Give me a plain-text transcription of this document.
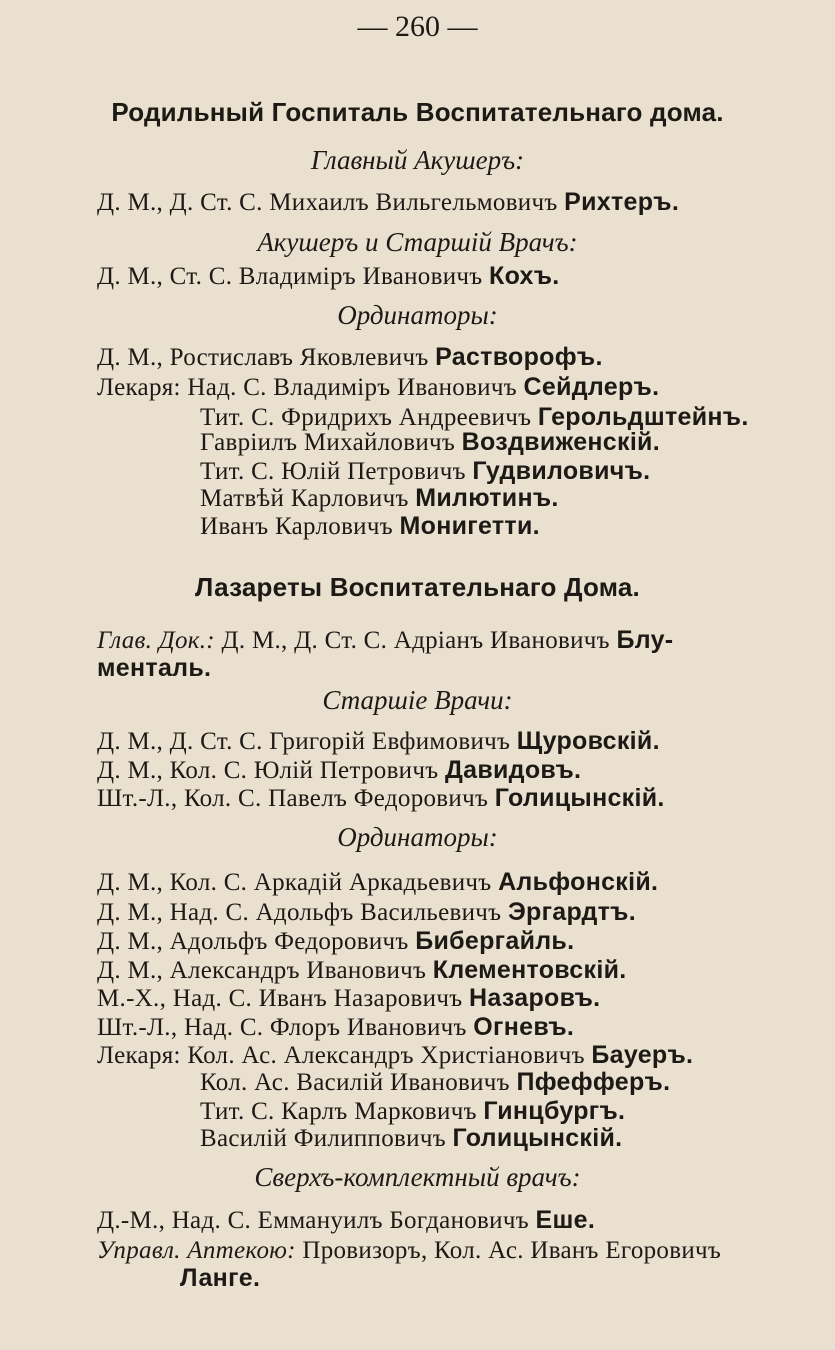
— 260 —
Родильный Госпиталь Воспитательнаго дома.
Главный Акушеръ:
Д. М., Д. Ст. С. Михаилъ Вильгельмовичъ Рихтеръ.
Акушеръ и Старшій Врачъ:
Д. М., Ст. С. Владиміръ Ивановичъ Кохъ.
Ординаторы:
Д. М., Ростиславъ Яковлевичъ Растворофъ.
Лекаря: Над. С. Владиміръ Ивановичъ Сейдлеръ.
Тит. С. Фридрихъ Андреевичъ Герольдштейнъ.
Гавріилъ Михайловичъ Воздвиженскій.
Тит. С. Юлій Петровичъ Гудвиловичъ.
Матвѣй Карловичъ Милютинъ.
Иванъ Карловичъ Монигетти.
Лазареты Воспитательнаго Дома.
Глав. Док.: Д. М., Д. Ст. С. Адріанъ Ивановичъ Блу-
менталь.
Старшіе Врачи:
Д. М., Д. Ст. С. Григорій Евфимовичъ Щуровскій.
Д. М., Кол. С. Юлій Петровичъ Давидовъ.
Шт.-Л., Кол. С. Павелъ Федоровичъ Голицынскій.
Ординаторы:
Д. М., Кол. С. Аркадій Аркадьевичъ Альфонскій.
Д. М., Над. С. Адольфъ Васильевичъ Эргардтъ.
Д. М., Адольфъ Федоровичъ Бибергайль.
Д. М., Александръ Ивановичъ Клементовскій.
М.-Х., Над. С. Иванъ Назаровичъ Назаровъ.
Шт.-Л., Над. С. Флоръ Ивановичъ Огневъ.
Лекаря: Кол. Ас. Александръ Христіановичъ Бауеръ.
Кол. Ас. Василій Ивановичъ Пфефферъ.
Тит. С. Карлъ Марковичъ Гинцбургъ.
Василій Филипповичъ Голицынскій.
Сверхъ-комплектный врачъ:
Д.-М., Над. С. Еммануилъ Богдановичъ Еше.
Управл. Аптекою: Провизоръ, Кол. Ас. Иванъ Егоровичъ
Ланге.
